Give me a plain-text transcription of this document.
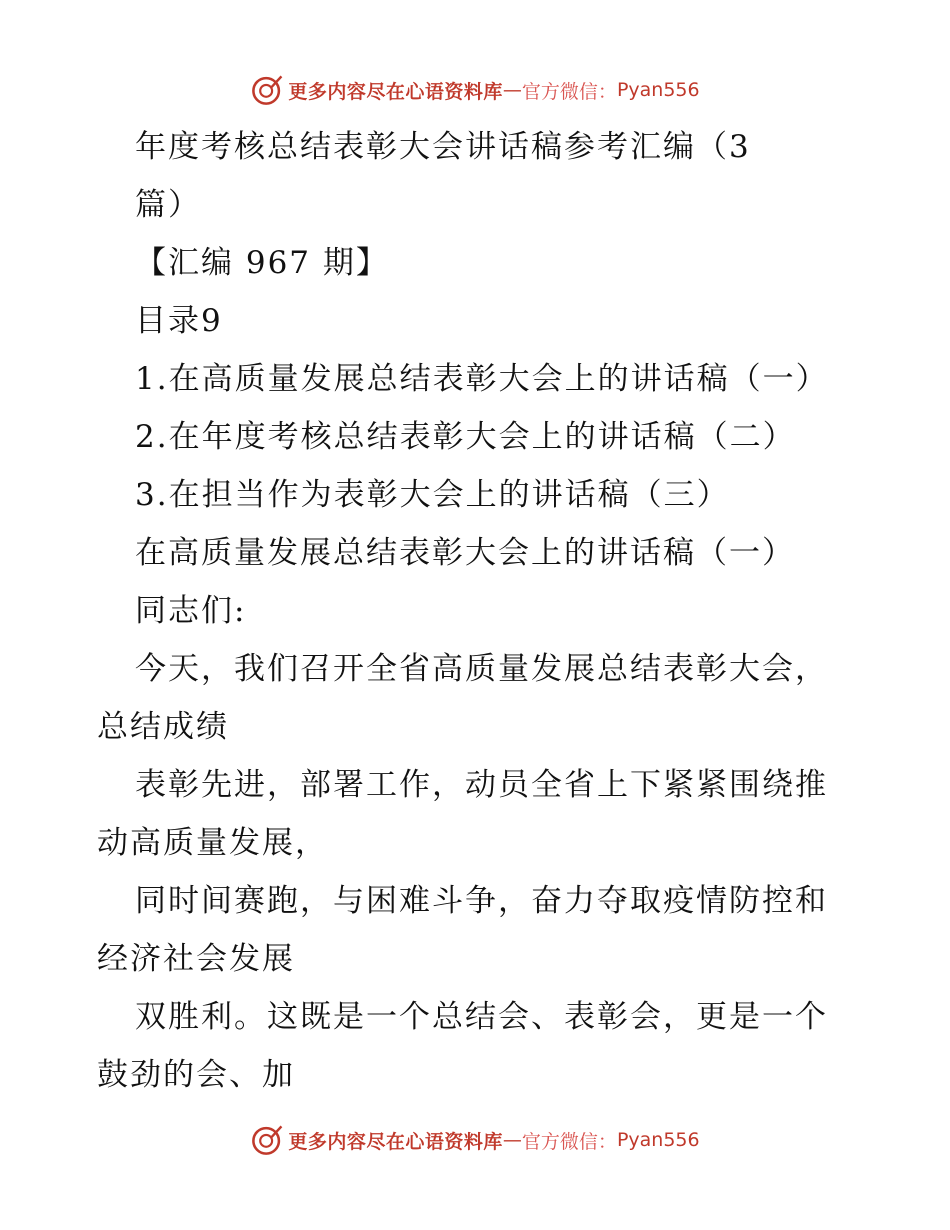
更多内容尽在心语资料库 — 官方微信： Pyan556
年度考核总结表彰大会讲话稿参考汇编（3
篇）
【汇编 967 期】
目录9
1.在高质量发展总结表彰大会上的讲话稿（一）
2.在年度考核总结表彰大会上的讲话稿（二）
3.在担当作为表彰大会上的讲话稿（三）
在高质量发展总结表彰大会上的讲话稿（一）
同志们:
今天，我们召开全省高质量发展总结表彰大会，
总结成绩
表彰先进，部署工作，动员全省上下紧紧围绕推
动高质量发展，
同时间赛跑，与困难斗争，奋力夺取疫情防控和
经济社会发展
双胜利。这既是一个总结会、表彰会，更是一个
鼓劲的会、加
更多内容尽在心语资料库 — 官方微信： Pyan556
